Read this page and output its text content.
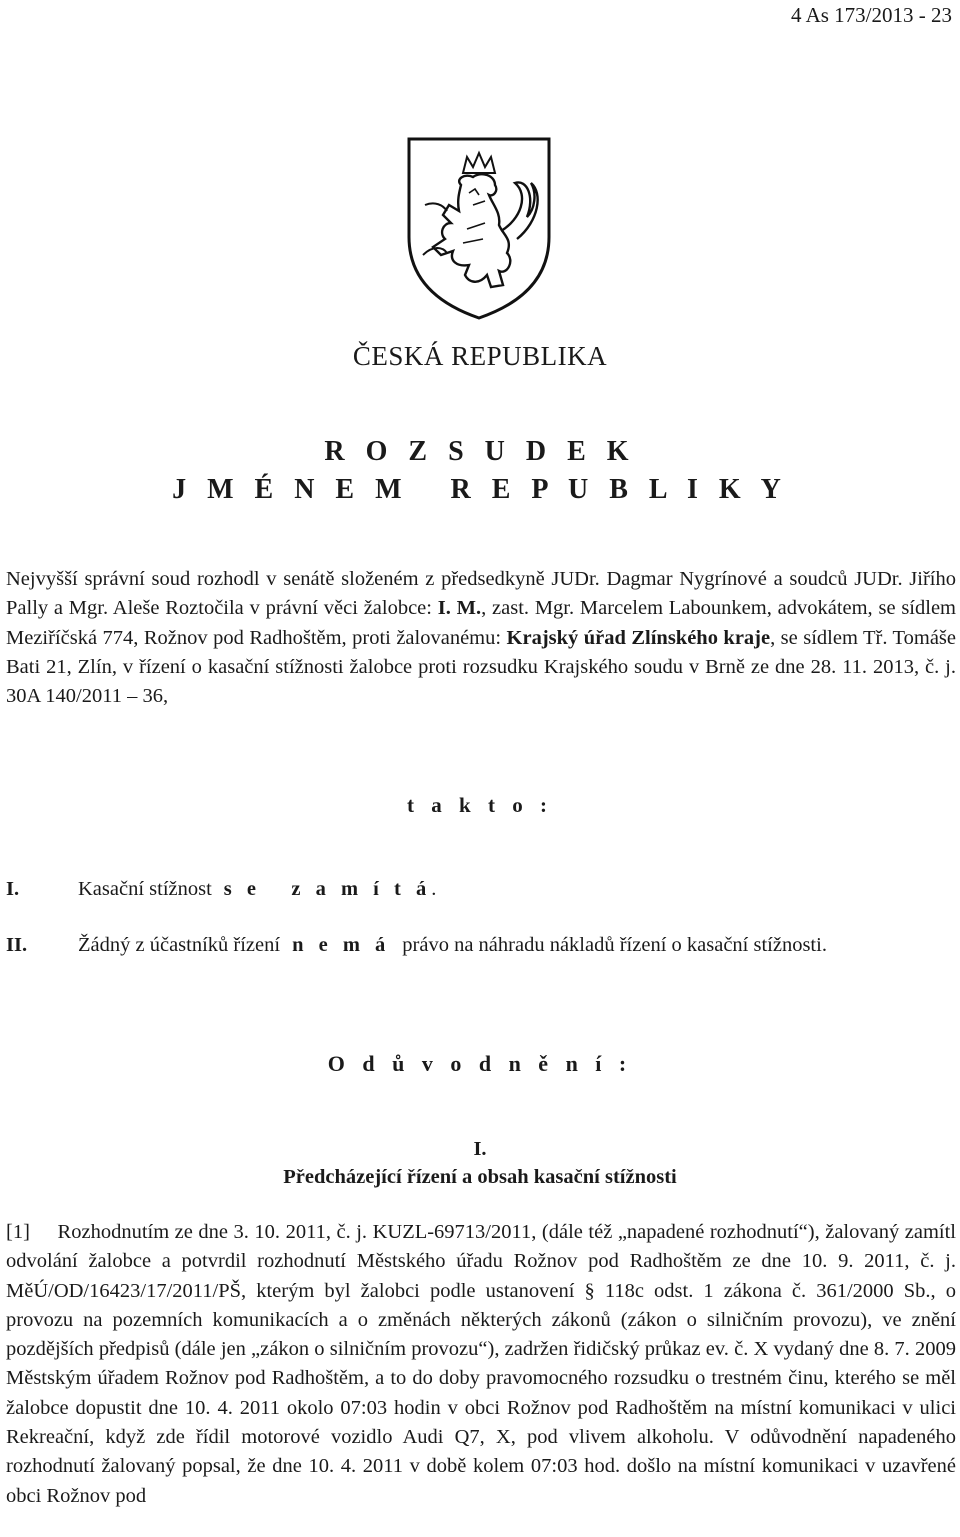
4 As 173/2013 - 23
ČESKÁ REPUBLIKA
R O Z S U D E K
J M É N E M   R E P U B L I K Y
Nejvyšší správní soud rozhodl v senátě složeném z předsedkyně JUDr. Dagmar Nygrínové a soudců JUDr. Jiřího Pally a Mgr. Aleše Roztočila v právní věci žalobce: I. M., zast. Mgr. Marcelem Labounkem, advokátem, se sídlem Meziříčská 774, Rožnov pod Radhoštěm, proti žalovanému: Krajský úřad Zlínského kraje, se sídlem Tř. Tomáše Bati 21, Zlín, v řízení o kasační stížnosti žalobce proti rozsudku Krajského soudu v Brně ze dne 28. 11. 2013, č. j. 30A 140/2011 – 36,
t a k t o :
I.	Kasační stížnost s e   z a m í t á.
II. Žádný z účastníků řízení n e m á právo na náhradu nákladů řízení o kasační stížnosti.
O d ů v o d n ě n í :
I.
Předcházející řízení a obsah kasační stížnosti
[1]     Rozhodnutím ze dne 3. 10. 2011, č. j. KUZL-69713/2011, (dále též „napadené rozhodnutí“), žalovaný zamítl odvolání žalobce a potvrdil rozhodnutí Městského úřadu Rožnov pod Radhoštěm ze dne 10. 9. 2011, č. j. MěÚ/OD/16423/17/2011/PŠ, kterým byl žalobci podle ustanovení § 118c odst. 1 zákona č. 361/2000 Sb., o provozu na pozemních komunikacích a o změnách některých zákonů (zákon o silničním provozu), ve znění pozdějších předpisů (dále jen „zákon o silničním provozu“), zadržen řidičský průkaz ev. č. X vydaný dne 8. 7. 2009 Městským úřadem Rožnov pod Radhoštěm, a to do doby pravomocného rozsudku o trestném činu, kterého se měl žalobce dopustit dne 10. 4. 2011 okolo 07:03 hodin v obci Rožnov pod Radhoštěm na místní komunikaci v ulici Rekreační, když zde řídil motorové vozidlo Audi Q7, X, pod vlivem alkoholu. V odůvodnění napadeného rozhodnutí žalovaný popsal, že dne 10. 4. 2011 v době kolem 07:03 hod. došlo na místní komunikaci v uzavřené obci Rožnov pod
